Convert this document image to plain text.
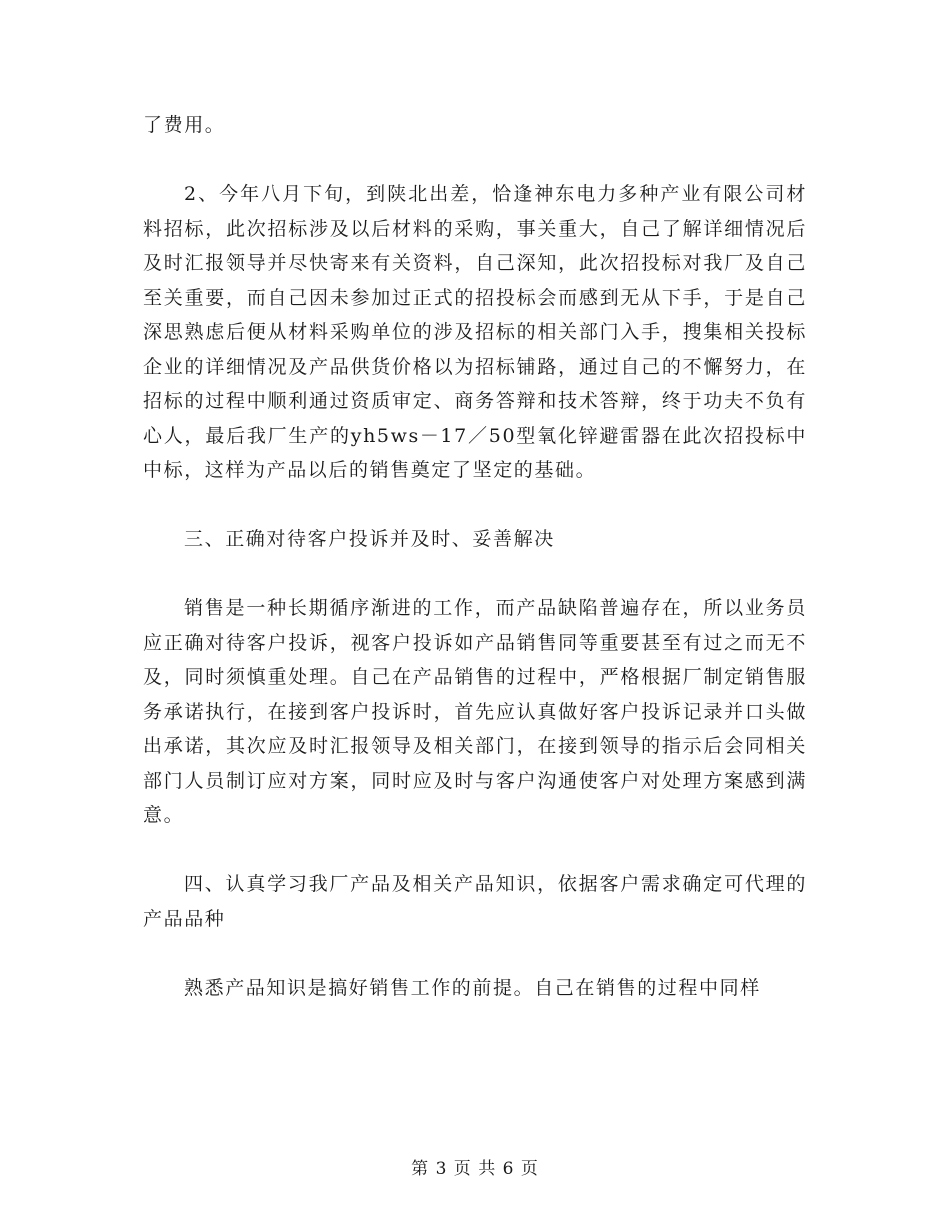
了费用。

2、今年八月下旬，到陕北出差，恰逢神东电力多种产业有限公司材料招标，此次招标涉及以后材料的采购，事关重大，自己了解详细情况后及时汇报领导并尽快寄来有关资料，自己深知，此次招投标对我厂及自己至关重要，而自己因未参加过正式的招投标会而感到无从下手，于是自己深思熟虑后便从材料采购单位的涉及招标的相关部门入手，搜集相关投标企业的详细情况及产品供货价格以为招标铺路，通过自己的不懈努力，在招标的过程中顺利通过资质审定、商务答辩和技术答辩，终于功夫不负有心人，最后我厂生产的yh5ws－17／50型氧化锌避雷器在此次招投标中中标，这样为产品以后的销售奠定了坚定的基础。

三、正确对待客户投诉并及时、妥善解决

销售是一种长期循序渐进的工作，而产品缺陷普遍存在，所以业务员应正确对待客户投诉，视客户投诉如产品销售同等重要甚至有过之而无不及，同时须慎重处理。自己在产品销售的过程中，严格根据厂制定销售服务承诺执行，在接到客户投诉时，首先应认真做好客户投诉记录并口头做出承诺，其次应及时汇报领导及相关部门，在接到领导的指示后会同相关部门人员制订应对方案，同时应及时与客户沟通使客户对处理方案感到满意。

四、认真学习我厂产品及相关产品知识，依据客户需求确定可代理的产品品种

熟悉产品知识是搞好销售工作的前提。自己在销售的过程中同样

第 3 页 共 6 页
